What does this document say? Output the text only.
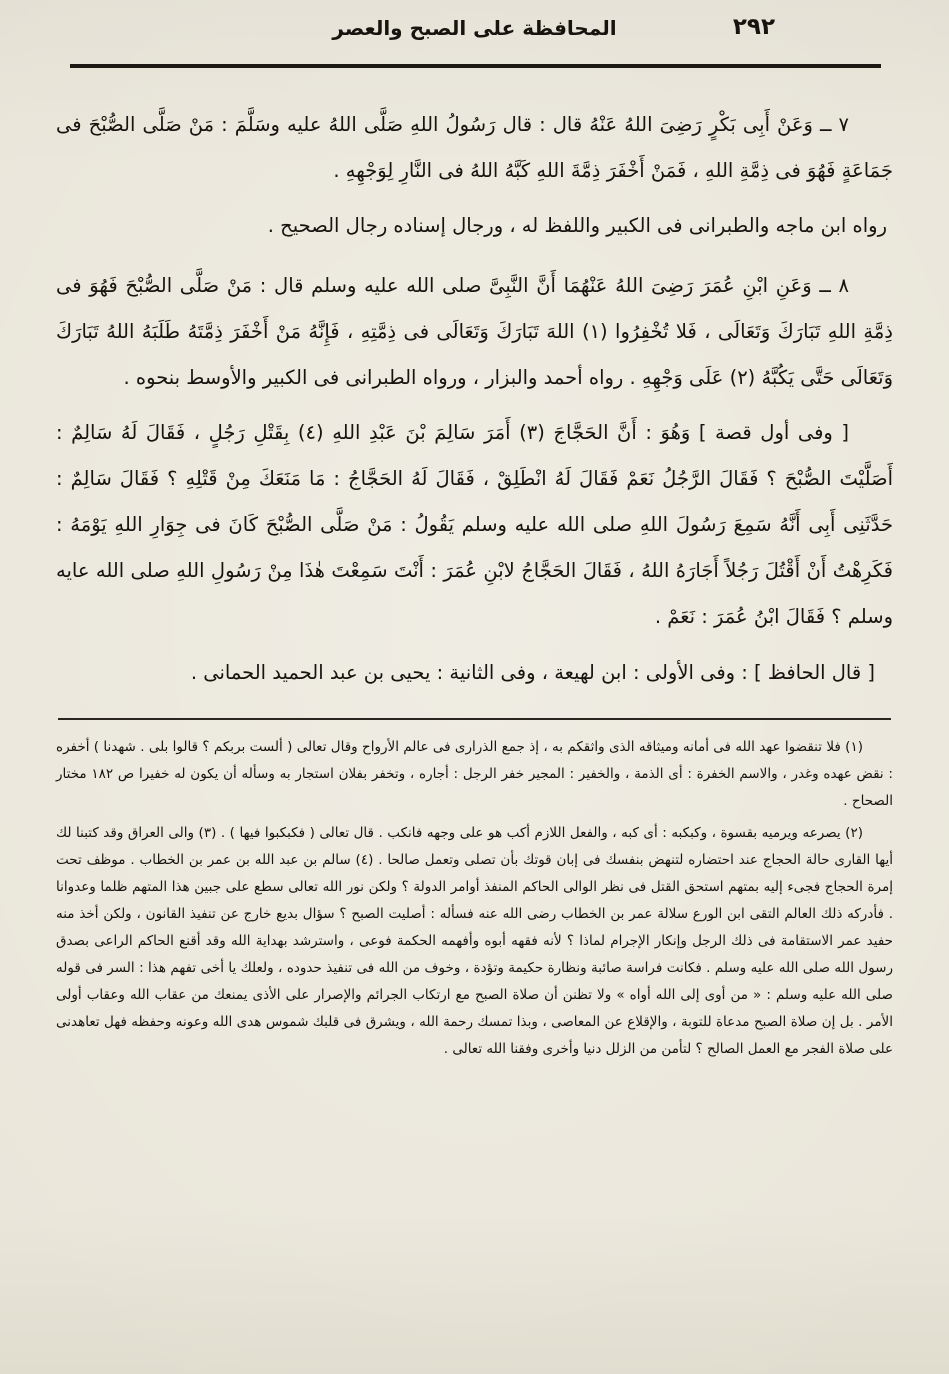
٢٩٢
المحافظة على الصبح والعصر

٧ ــ وَعَنْ أَبِى بَكْرٍ رَضِىَ اللهُ عَنْهُ قال : قال رَسُولُ اللهِ صَلَّى اللهُ عليه وسَلَّمَ : مَنْ صَلَّى الصُّبْحَ فى جَمَاعَةٍ فَهُوَ فى ذِمَّةِ اللهِ ، فَمَنْ أَخْفَرَ ذِمَّةَ اللهِ كَبَّهُ اللهُ فى النَّارِ لِوَجْهِهِ .

رواه ابن ماجه والطبرانى فى الكبير واللفظ له ، ورجال إسناده رجال الصحيح .

٨ ــ وَعَنِ ابْنِ عُمَرَ رَضِىَ اللهُ عَنْهُمَا أَنَّ النَّبِىَّ صلى الله عليه وسلم قال : مَنْ صَلَّى الصُّبْحَ فَهُوَ فى ذِمَّةِ اللهِ تَبَارَكَ وَتَعَالَى ، فَلا تُخْفِرُوا (١) اللهَ تَبَارَكَ وَتَعَالَى فى ذِمَّتِهِ ، فَإِنَّهُ مَنْ أَخْفَرَ ذِمَّتَهُ طَلَبَهُ اللهُ تَبَارَكَ وَتَعَالَى حَتَّى يَكُبَّهُ (٢) عَلَى وَجْهِهِ . رواه أحمد والبزار ، ورواه الطبرانى فى الكبير والأوسط بنحوه .

[ وفى أول قصة ] وَهُوَ : أَنَّ الحَجَّاجَ (٣) أَمَرَ سَالِمَ بْنَ عَبْدِ اللهِ (٤) بِقَتْلِ رَجُلٍ ، فَقَالَ لَهُ سَالِمٌ : أَصَلَّيْتَ الصُّبْحَ ؟ فَقَالَ الرَّجُلُ نَعَمْ فَقَالَ لَهُ انْطَلِقْ ، فَقَالَ لَهُ الحَجَّاجُ : مَا مَنَعَكَ مِنْ قَتْلِهِ ؟ فَقَالَ سَالِمٌ : حَدَّثَنِى أَبِى أَنَّهُ سَمِعَ رَسُولَ اللهِ صلى الله عليه وسلم يَقُولُ : مَنْ صَلَّى الصُّبْحَ كَانَ فى جِوَارِ اللهِ يَوْمَهُ : فَكَرِهْتُ أَنْ أَقْتُلَ رَجُلاً أَجَارَهُ اللهُ ، فَقَالَ الحَجَّاجُ لابْنِ عُمَرَ : أَنْتَ سَمِعْتَ هٰذَا مِنْ رَسُولِ اللهِ صلى الله عايه وسلم ؟ فَقَالَ ابْنُ عُمَرَ : نَعَمْ .

[ قال الحافظ ] : وفى الأولى : ابن لهيعة ، وفى الثانية : يحيى بن عبد الحميد الحمانى .

(١) فلا تنقضوا عهد الله فى أمانه وميثاقه الذى واثقكم به ، إذ جمع الذرارى فى عالم الأرواح وقال تعالى ( ألست بربكم ؟ قالوا بلى . شهدنا ) أخفره : نقض عهده وغدر ، والاسم الخفرة : أى الذمة ، والخفير : المجير خفر الرجل : أجاره ، وتخفر بفلان استجار به وسأله أن يكون له خفيرا ص ١٨٢ مختار الصحاح .

(٢) يصرعه ويرميه بقسوة ، وكبكبه : أى كبه ، والفعل اللازم أكب هو على وجهه فانكب . قال تعالى ( فكبكبوا فيها ) . (٣) والى العراق وقد كتبنا لك أيها القارى حالة الحجاج عند احتضاره لتنهض بنفسك فى إبان قوتك بأن تصلى وتعمل صالحا . (٤) سالم بن عبد الله بن عمر بن الخطاب . موظف تحت إمرة الحجاج فجىء إليه بمتهم استحق القتل فى نظر الوالى الحاكم المنفذ أوامر الدولة ؟ ولكن نور الله تعالى سطع على جبين هذا المتهم ظلما وعدوانا . فأدركه ذلك العالم التقى ابن الورع سلالة عمر بن الخطاب رضى الله عنه فسأله : أصليت الصبح ؟ سؤال بديع خارج عن تنفيذ القانون ، ولكن أخذ منه حفيد عمر الاستقامة فى ذلك الرجل وإنكار الإجرام لماذا ؟ لأنه فقهه أبوه وأفهمه الحكمة فوعى ، واسترشد بهداية الله وقد أقنع الحاكم الراعى بصدق رسول الله صلى الله عليه وسلم . فكانت فراسة صائبة ونظارة حكيمة وتؤدة ، وخوف من الله فى تنفيذ حدوده ، ولعلك يا أخى تفهم هذا : السر فى قوله صلى الله عليه وسلم : « من أوى إلى الله أواه » ولا تظنن أن صلاة الصبح مع ارتكاب الجرائم والإصرار على الأذى يمنعك من عقاب الله وعقاب أولى الأمر . بل إن صلاة الصبح مدعاة للتوبة ، والإقلاع عن المعاصى ، وبذا تمسك رحمة الله ، ويشرق فى قلبك شموس هدى الله وعونه وحفظه فهل تعاهدنى على صلاة الفجر مع العمل الصالح ؟ لتأمن من الزلل دنيا وأخرى وفقنا الله تعالى .
